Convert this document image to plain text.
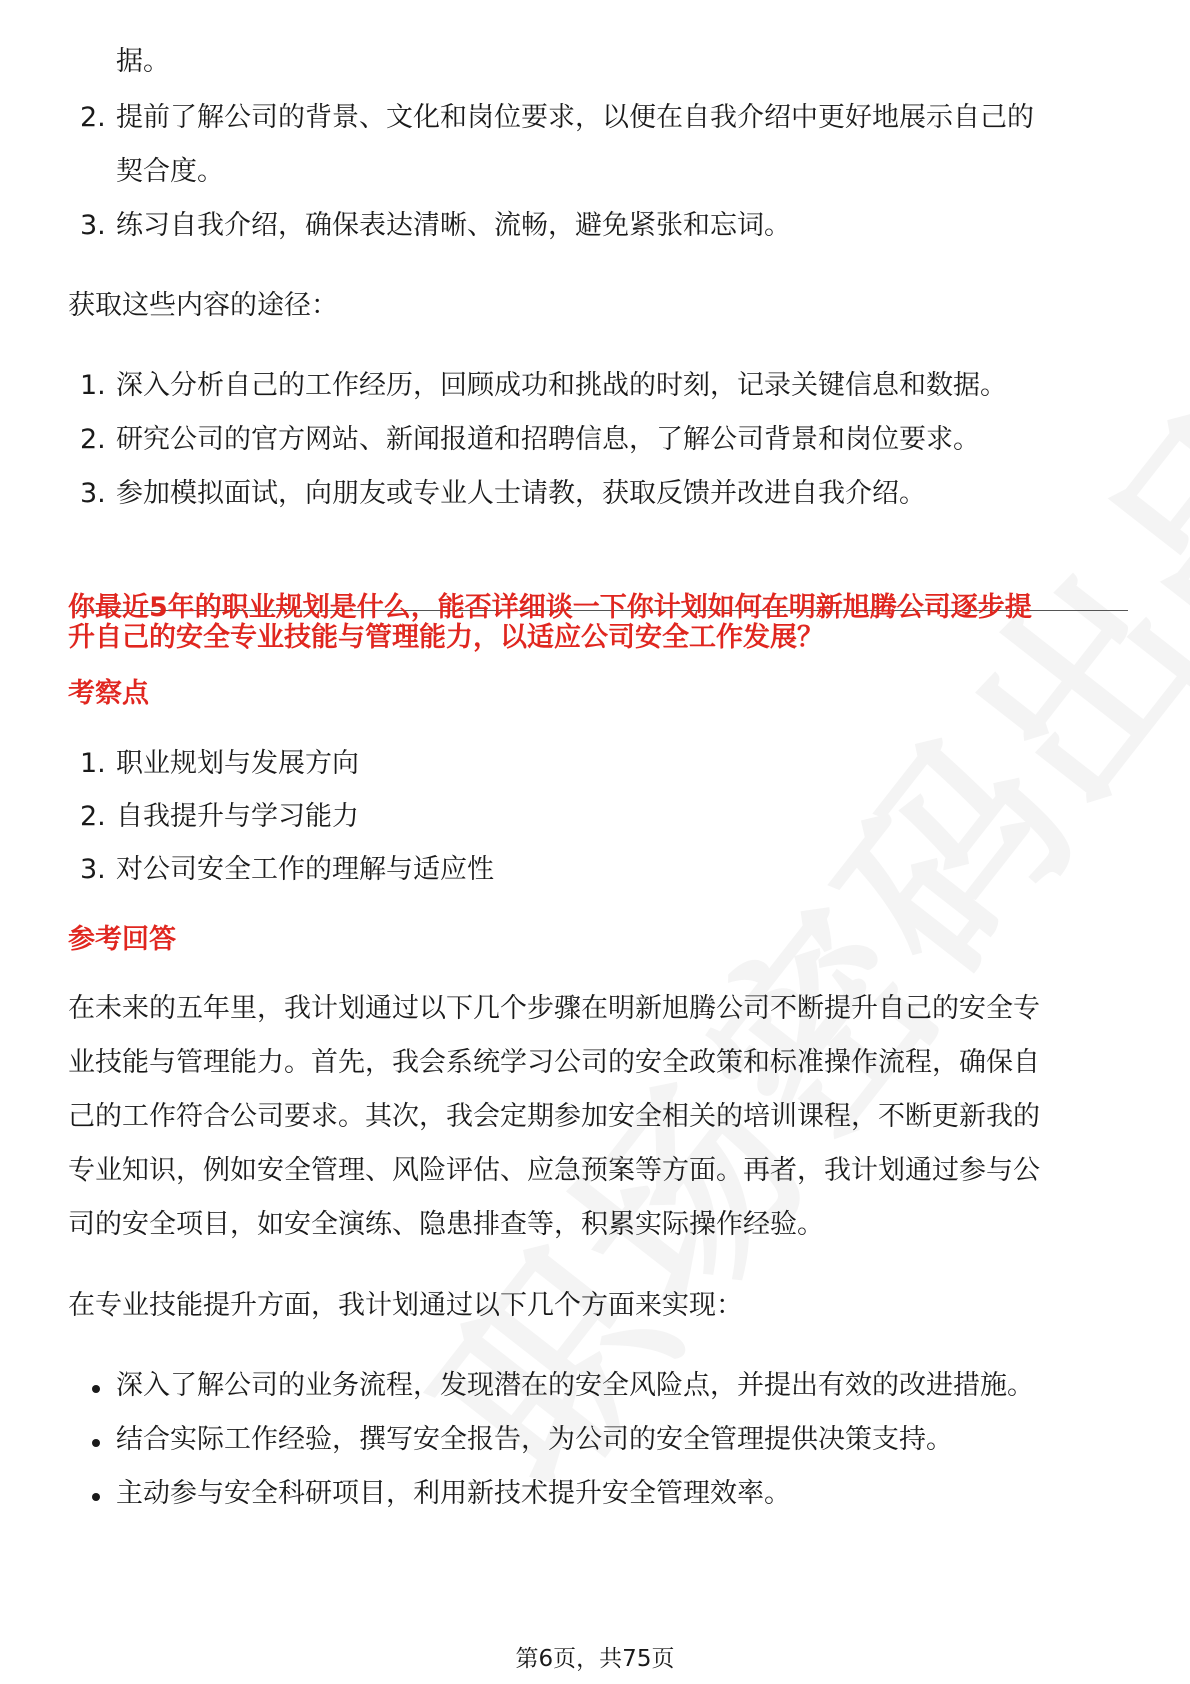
据。
2. 提前了解公司的背景、文化和岗位要求，以便在自我介绍中更好地展示自己的
契合度。
3. 练习自我介绍，确保表达清晰、流畅，避免紧张和忘词。
获取这些内容的途径：
1. 深入分析自己的工作经历，回顾成功和挑战的时刻，记录关键信息和数据。
2. 研究公司的官方网站、新闻报道和招聘信息，了解公司背景和岗位要求。
3. 参加模拟面试，向朋友或专业人士请教，获取反馈并改进自我介绍。
你最近5年的职业规划是什么，能否详细谈一下你计划如何在明新旭腾公司逐步提
升自己的安全专业技能与管理能力，以适应公司安全工作发展？
考察点
1. 职业规划与发展方向
2. 自我提升与学习能力
3. 对公司安全工作的理解与适应性
参考回答
在未来的五年里，我计划通过以下几个步骤在明新旭腾公司不断提升自己的安全专
业技能与管理能力。首先，我会系统学习公司的安全政策和标准操作流程，确保自
己的工作符合公司要求。其次，我会定期参加安全相关的培训课程，不断更新我的
专业知识，例如安全管理、风险评估、应急预案等方面。再者，我计划通过参与公
司的安全项目，如安全演练、隐患排查等，积累实际操作经验。
在专业技能提升方面，我计划通过以下几个方面来实现：
深入了解公司的业务流程，发现潜在的安全风险点，并提出有效的改进措施。
结合实际工作经验，撰写安全报告，为公司的安全管理提供决策支持。
主动参与安全科研项目，利用新技术提升安全管理效率。
第6页，共75页
